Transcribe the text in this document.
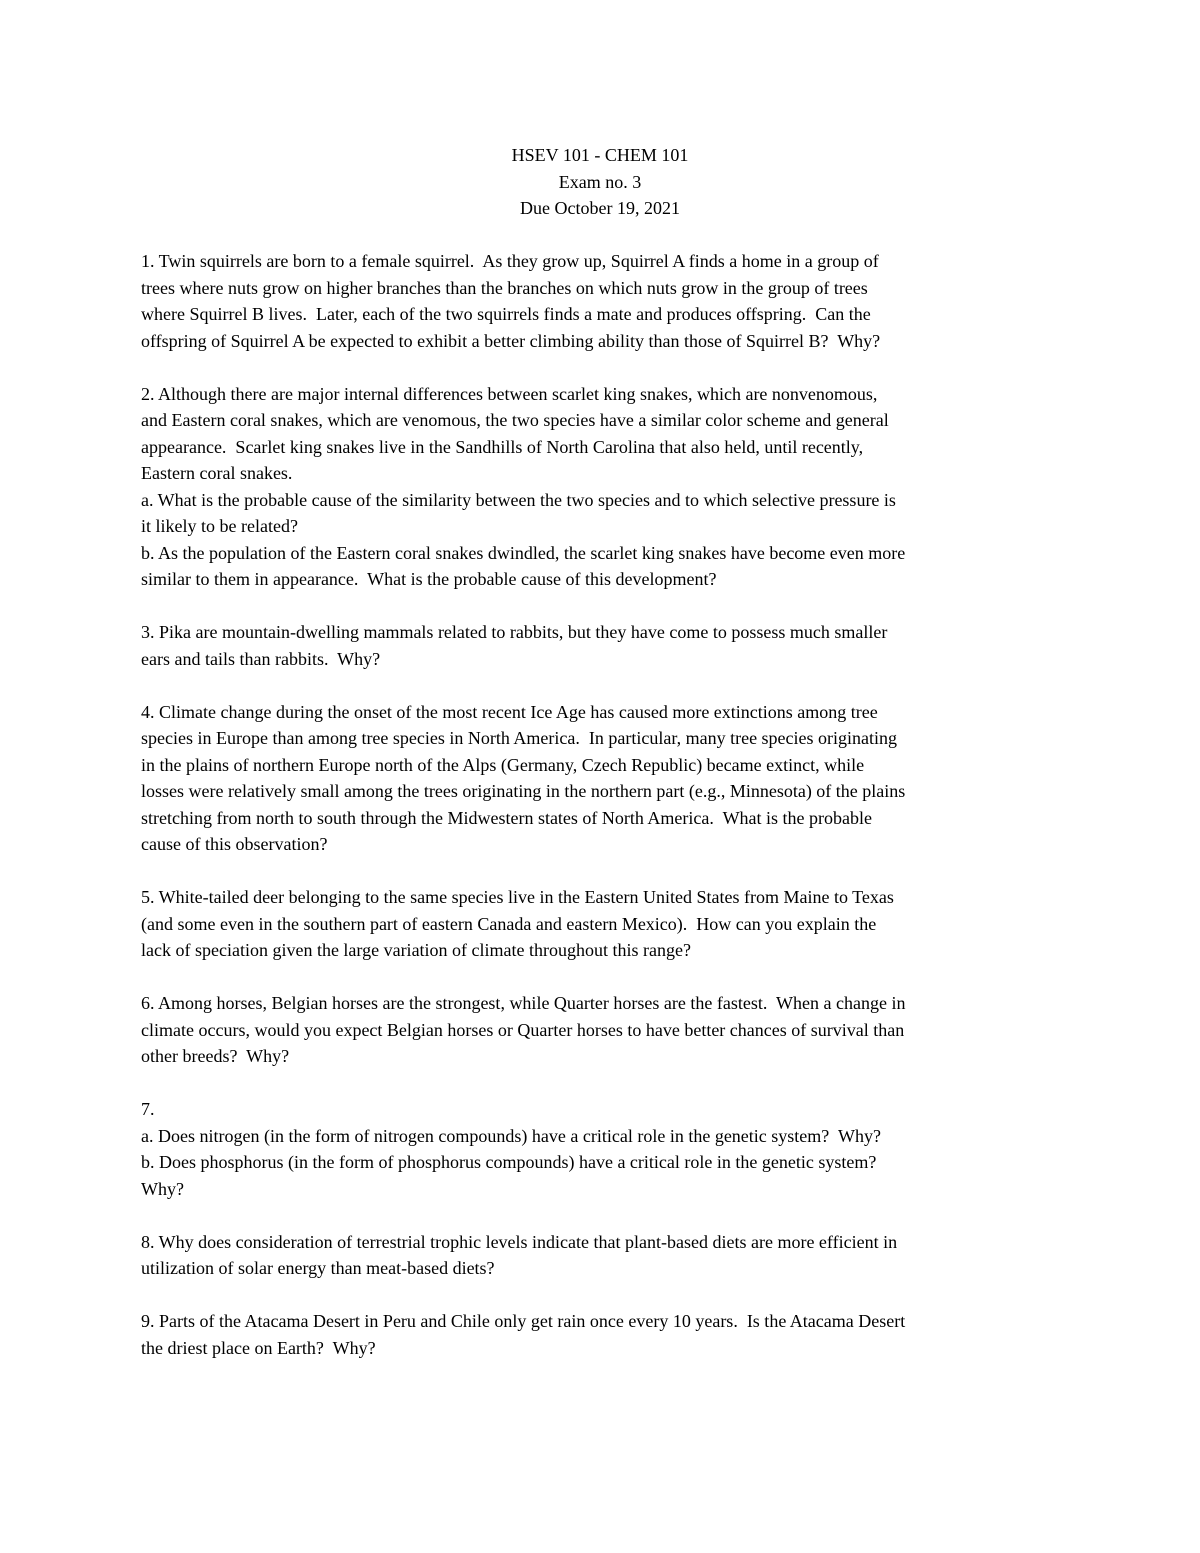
HSEV 101 - CHEM 101
Exam no. 3
Due October 19, 2021

1. Twin squirrels are born to a female squirrel.  As they grow up, Squirrel A finds a home in a group of

trees where nuts grow on higher branches than the branches on which nuts grow in the group of trees

where Squirrel B lives.  Later, each of the two squirrels finds a mate and produces offspring.  Can the

offspring of Squirrel A be expected to exhibit a better climbing ability than those of Squirrel B?  Why?

2. Although there are major internal differences between scarlet king snakes, which are nonvenomous,

and Eastern coral snakes, which are venomous, the two species have a similar color scheme and general

appearance.  Scarlet king snakes live in the Sandhills of North Carolina that also held, until recently,

Eastern coral snakes.

a. What is the probable cause of the similarity between the two species and to which selective pressure is

it likely to be related?

b. As the population of the Eastern coral snakes dwindled, the scarlet king snakes have become even more

similar to them in appearance.  What is the probable cause of this development?

3. Pika are mountain-dwelling mammals related to rabbits, but they have come to possess much smaller

ears and tails than rabbits.  Why?

4. Climate change during the onset of the most recent Ice Age has caused more extinctions among tree

species in Europe than among tree species in North America.  In particular, many tree species originating

in the plains of northern Europe north of the Alps (Germany, Czech Republic) became extinct, while

losses were relatively small among the trees originating in the northern part (e.g., Minnesota) of the plains

stretching from north to south through the Midwestern states of North America.  What is the probable

cause of this observation?

5. White-tailed deer belonging to the same species live in the Eastern United States from Maine to Texas

(and some even in the southern part of eastern Canada and eastern Mexico).  How can you explain the

lack of speciation given the large variation of climate throughout this range?

6. Among horses, Belgian horses are the strongest, while Quarter horses are the fastest.  When a change in

climate occurs, would you expect Belgian horses or Quarter horses to have better chances of survival than

other breeds?  Why?

7.

a. Does nitrogen (in the form of nitrogen compounds) have a critical role in the genetic system?  Why?

b. Does phosphorus (in the form of phosphorus compounds) have a critical role in the genetic system?

Why?

8. Why does consideration of terrestrial trophic levels indicate that plant-based diets are more efficient in

utilization of solar energy than meat-based diets?

9. Parts of the Atacama Desert in Peru and Chile only get rain once every 10 years.  Is the Atacama Desert

the driest place on Earth?  Why?
